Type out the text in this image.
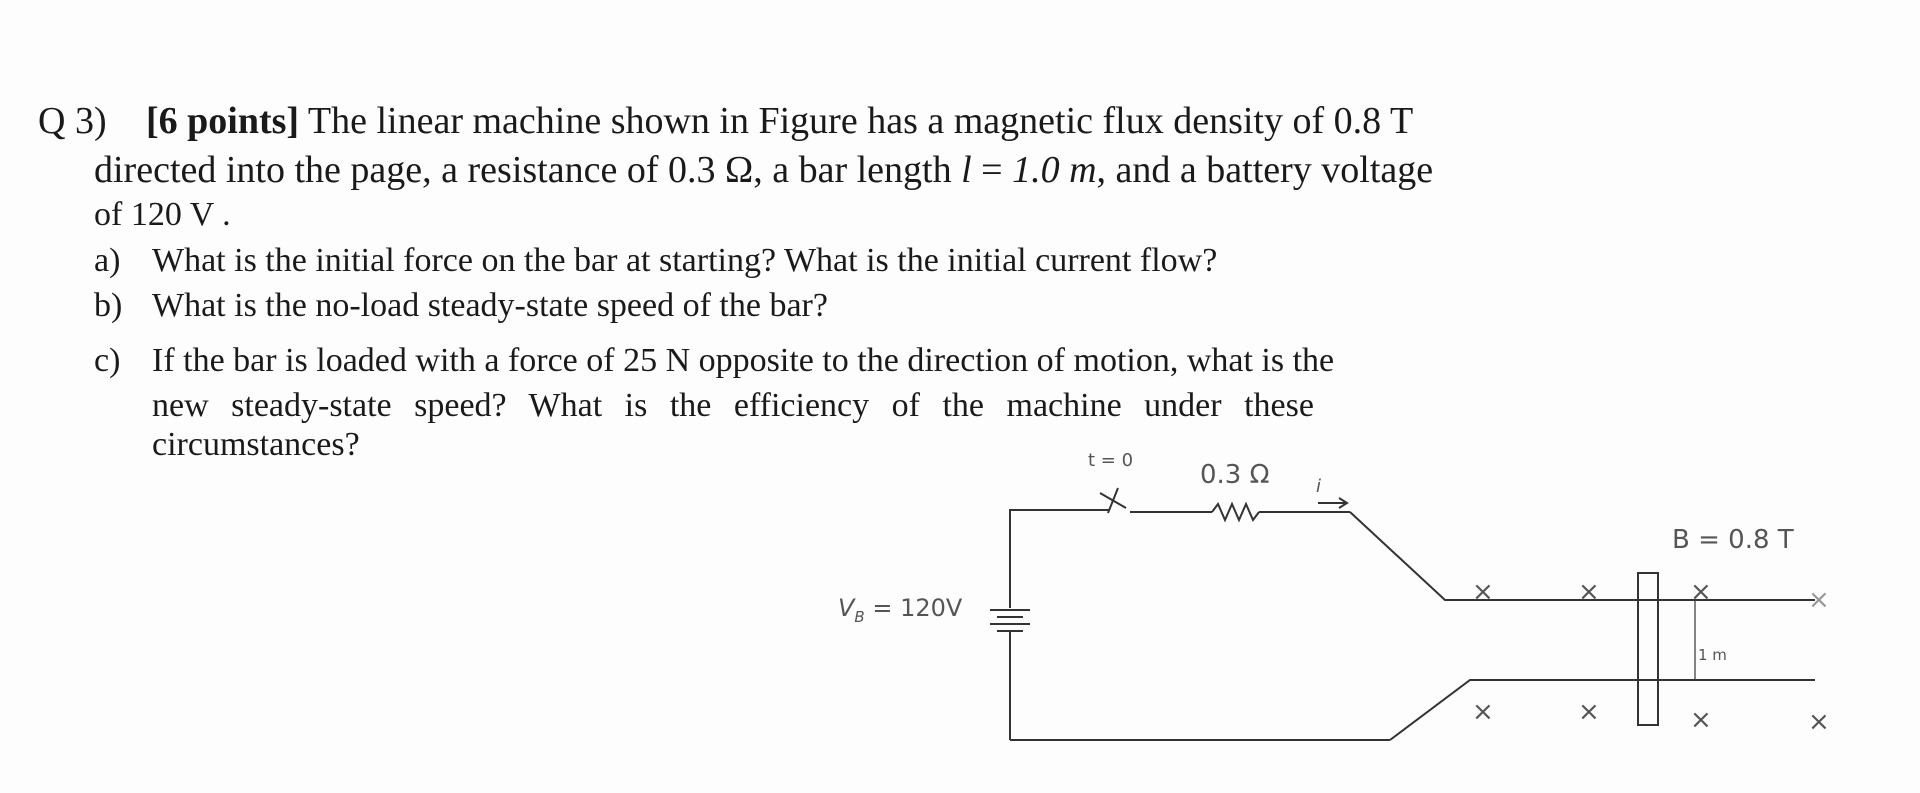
Q 3) [6 points] The linear machine shown in Figure has a magnetic flux density of 0.8 T
directed into the page, a resistance of 0.3 Ω, a bar length l = 1.0 m, and a battery voltage
of 120 V .
a) What is the initial force on the bar at starting? What is the initial current flow?
b) What is the no-load steady-state speed of the bar?
c) If the bar is loaded with a force of 25 N opposite to the direction of motion, what is the
new steady-state speed? What is the efficiency of the machine under these
circumstances?
×	×	×	×
×	×	×	×
t = 0	0.3 Ω	i
$V_B = 120V$
B = 0.8 T
1 m
